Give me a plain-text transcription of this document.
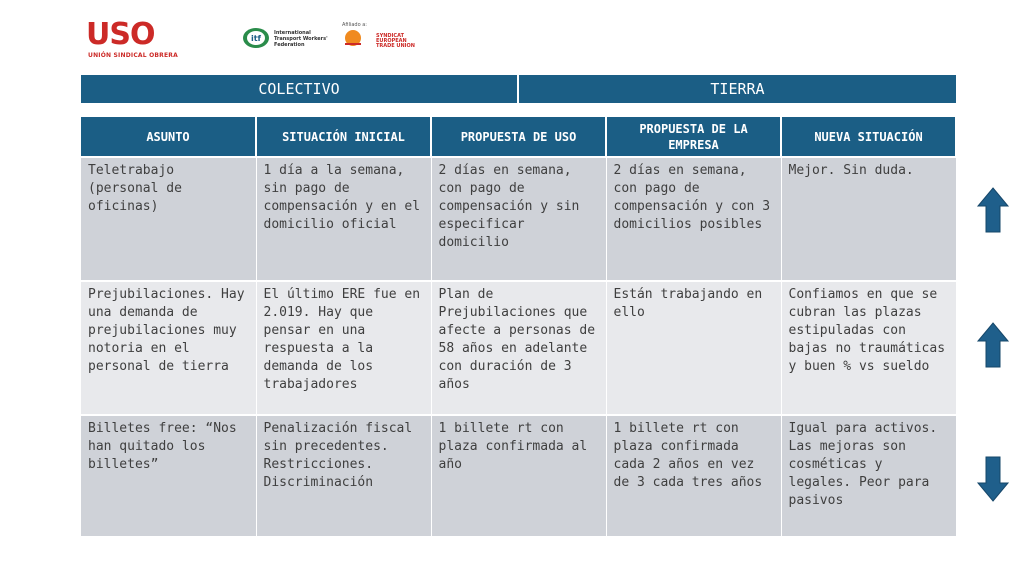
USO
UNIÓN SINDICAL OBRERA
itf
International Transport Workers' Federation
Afiliado a:
SYNDICAT EUROPEAN TRADE UNION
COLECTIVO	TIERRA
ASUNTO	SITUACIÓN INICIAL	PROPUESTA DE USO	PROPUESTA DE LA EMPRESA	NUEVA SITUACIÓN
Teletrabajo (personal de oficinas)	1 día a la semana, sin pago de compensación y en el domicilio oficial	2 días en semana, con pago de compensación y sin especificar domicilio	2 días en semana, con pago de compensación y con 3 domicilios posibles	Mejor. Sin duda.
Prejubilaciones. Hay una demanda de prejubilaciones muy notoria en el personal de tierra	El último ERE fue en 2.019. Hay que pensar en una respuesta a la demanda de los trabajadores	Plan de Prejubilaciones que afecte a personas de 58 años en adelante con duración de 3 años	Están trabajando en ello	Confiamos en que se cubran las plazas estipuladas con bajas no traumáticas y buen % vs sueldo
Billetes free: “Nos han quitado los billetes”	Penalización fiscal sin precedentes. Restricciones. Discriminación	1 billete rt con plaza confirmada al año	1 billete rt con plaza confirmada cada 2 años en vez de 3 cada tres años	Igual para activos. Las mejoras son cosméticas y legales. Peor para pasivos
